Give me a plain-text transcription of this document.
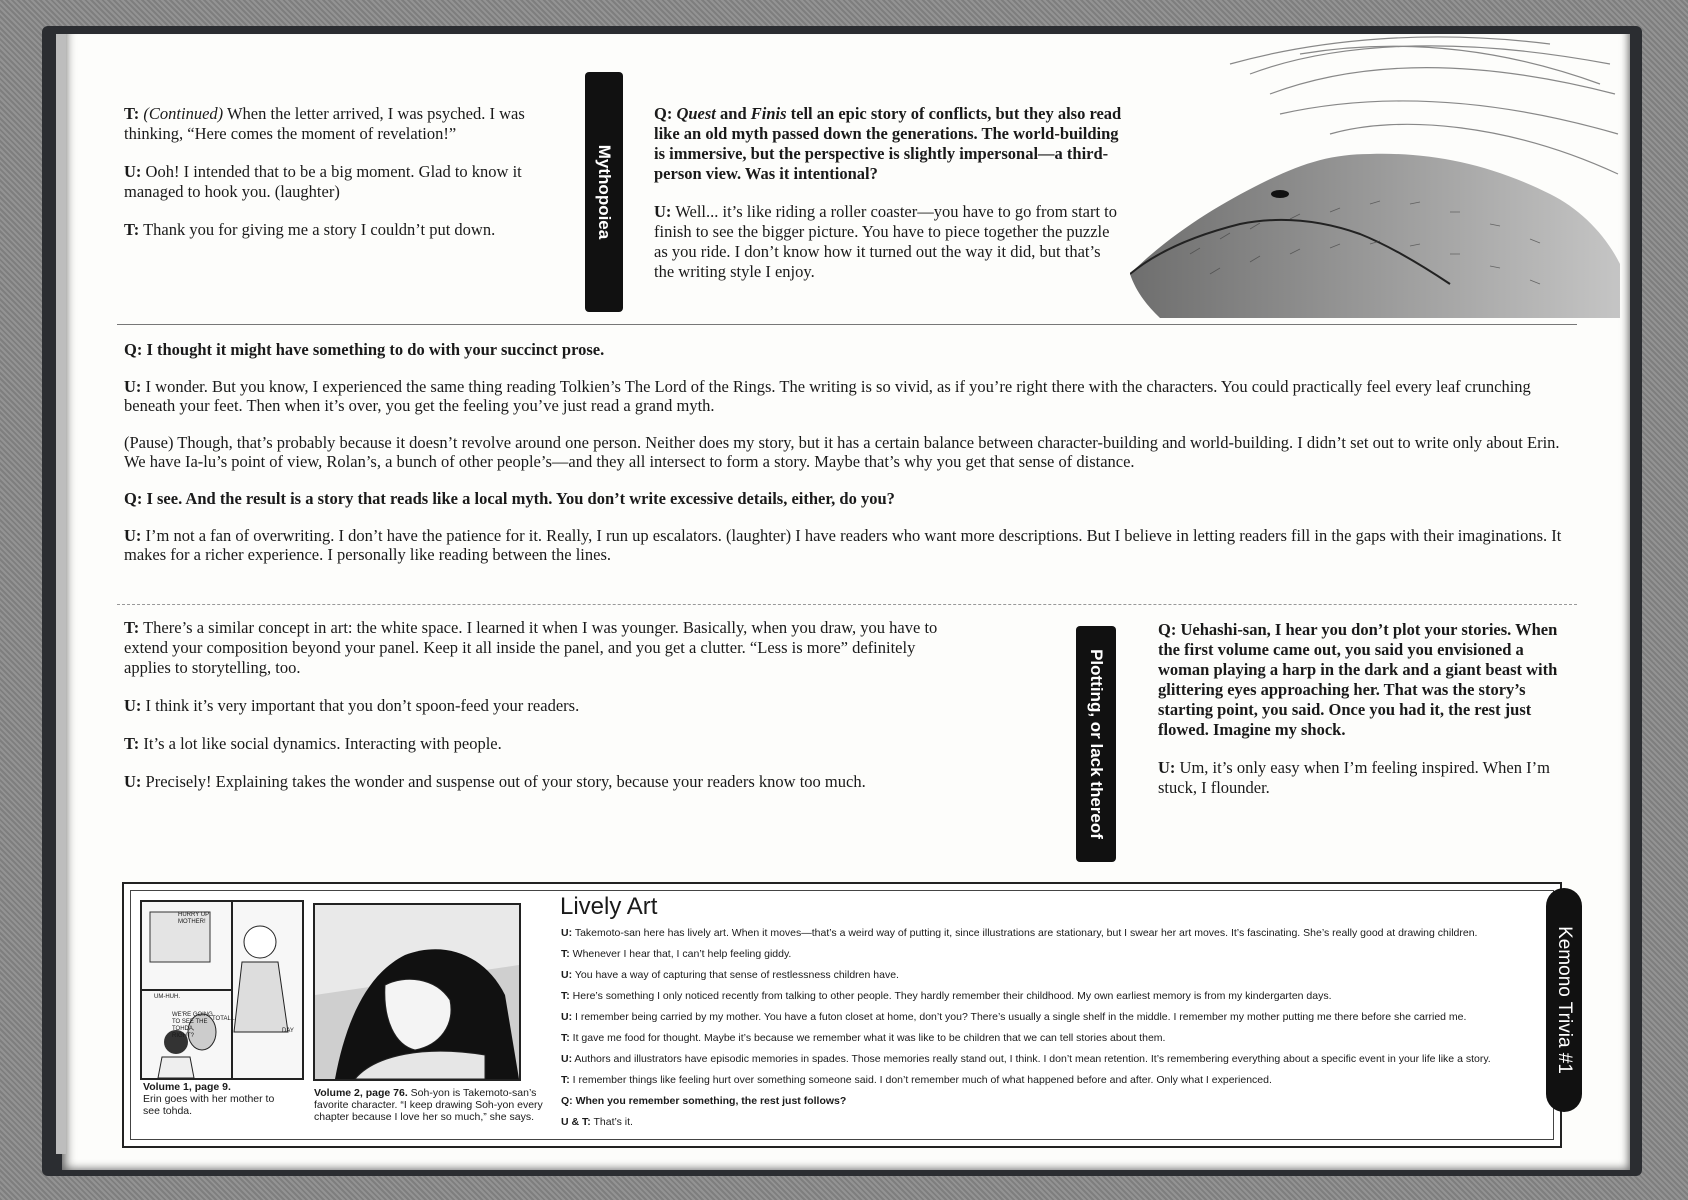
T: (Continued) When the letter arrived, I was psyched. I was thinking, “Here comes the moment of revelation!”

U: Ooh! I intended that to be a big moment. Glad to know it managed to hook you. (laughter)

T: Thank you for giving me a story I couldn’t put down.	Mythopoiea

Q: Quest and Finis tell an epic story of conflicts, but they also read like an old myth passed down the generations. The world-building is immersive, but the perspective is slightly impersonal—a third-person view. Was it intentional?

U: Well... it’s like riding a roller coaster—you have to go from start to finish to see the bigger picture. You have to piece together the puzzle as you ride. I don’t know how it turned out the way it did, but that’s the writing style I enjoy.

Q: I thought it might have something to do with your succinct prose.

U: I wonder. But you know, I experienced the same thing reading Tolkien’s The Lord of the Rings. The writing is so vivid, as if you’re right there with the characters. You could practically feel every leaf crunching beneath your feet. Then when it’s over, you get the feeling you’ve just read a grand myth.

(Pause) Though, that’s probably because it doesn’t revolve around one person. Neither does my story, but it has a certain balance between character-building and world-building. I didn’t set out to write only about Erin. We have Ia-lu’s point of view, Rolan’s, a bunch of other people’s—and they all intersect to form a story. Maybe that’s why you get that sense of distance.

Q: I see. And the result is a story that reads like a local myth. You don’t write excessive details, either, do you?

U: I’m not a fan of overwriting. I don’t have the patience for it. Really, I run up escalators. (laughter) I have readers who want more descriptions. But I believe in letting readers fill in the gaps with their imaginations. It makes for a richer experience. I personally like reading between the lines.

T: There’s a similar concept in art: the white space. I learned it when I was younger. Basically, when you draw, you have to extend your composition beyond your panel. Keep it all inside the panel, and you get a clutter. “Less is more” definitely applies to storytelling, too.

U: I think it’s very important that you don’t spoon-feed your readers.

T: It’s a lot like social dynamics. Interacting with people.

U: Precisely! Explaining takes the wonder and suspense out of your story, because your readers know too much.	Plotting, or lack thereof

Q: Uehashi-san, I hear you don’t plot your stories. When the first volume came out, you said you envisioned a woman playing a harp in the dark and a giant beast with glittering eyes approaching her. That was the story’s starting point, you said. Once you had it, the rest just flowed. Imagine my shock.

U: Um, it’s only easy when I’m feeling inspired. When I’m stuck, I flounder.

HURRY UP MOTHER!
UM-HUH.
WE'RE GOING TO SEE THE TOHDA, RIGHT?
TOTAL...
DAY
Volume 1, page 9.
Erin goes with her mother to see tohda.
Volume 2, page 76. Soh-yon is Takemoto-san’s favorite character. “I keep drawing Soh-yon every chapter because I love her so much,” she says.
Lively Art

U: Takemoto-san here has lively art. When it moves—that’s a weird way of putting it, since illustrations are stationary, but I swear her art moves. It’s fascinating. She’s really good at drawing children.

T: Whenever I hear that, I can’t help feeling giddy.

U: You have a way of capturing that sense of restlessness children have.

T: Here’s something I only noticed recently from talking to other people. They hardly remember their childhood. My own earliest memory is from my kindergarten days.

U: I remember being carried by my mother. You have a futon closet at home, don’t you? There’s usually a single shelf in the middle. I remember my mother putting me there before she carried me.

T: It gave me food for thought. Maybe it’s because we remember what it was like to be children that we can tell stories about them.

U: Authors and illustrators have episodic memories in spades. Those memories really stand out, I think. I don’t mean retention. It’s remembering everything about a specific event in your life like a story.

T: I remember things like feeling hurt over something someone said. I don’t remember much of what happened before and after. Only what I experienced.

Q: When you remember something, the rest just follows?

U & T: That’s it.

Kemono Trivia #1
